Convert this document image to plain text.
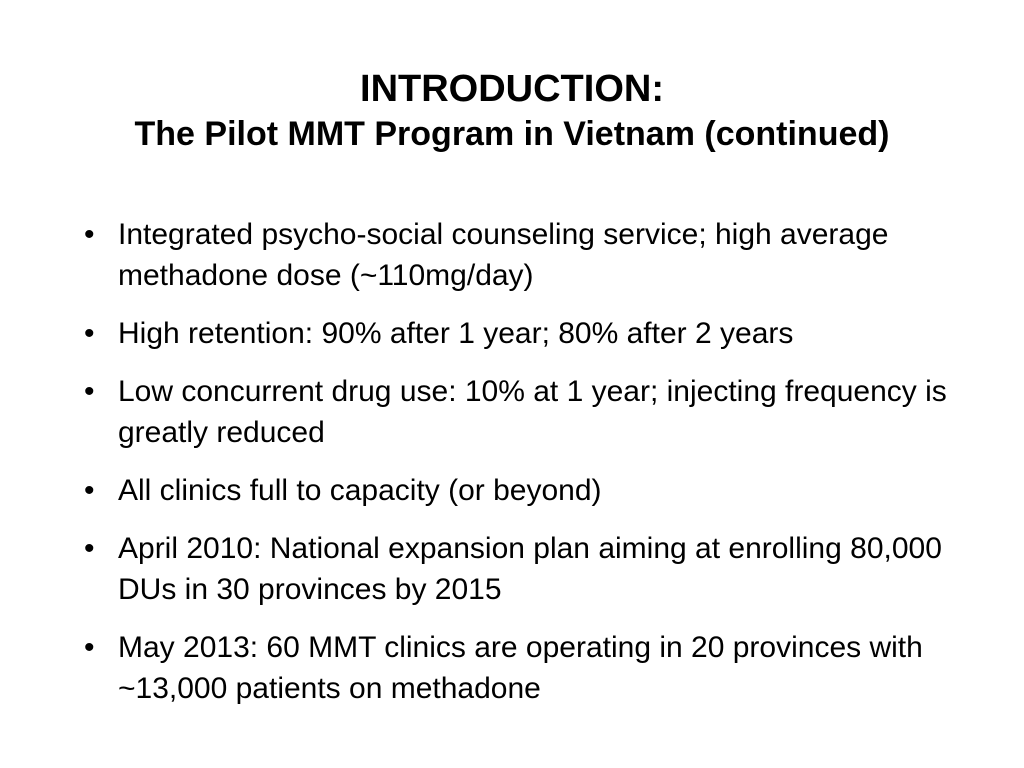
INTRODUCTION:
The Pilot MMT Program in Vietnam (continued)
• Integrated psycho-social counseling service; high average methadone dose (~110mg/day)
• High retention: 90% after 1 year; 80% after 2 years
• Low concurrent drug use: 10% at 1 year; injecting frequency is greatly reduced
• All clinics full to capacity (or beyond)
• April 2010: National expansion plan aiming at enrolling 80,000 DUs in 30 provinces by 2015
• May 2013: 60 MMT clinics are operating in 20 provinces with ~13,000 patients on methadone
